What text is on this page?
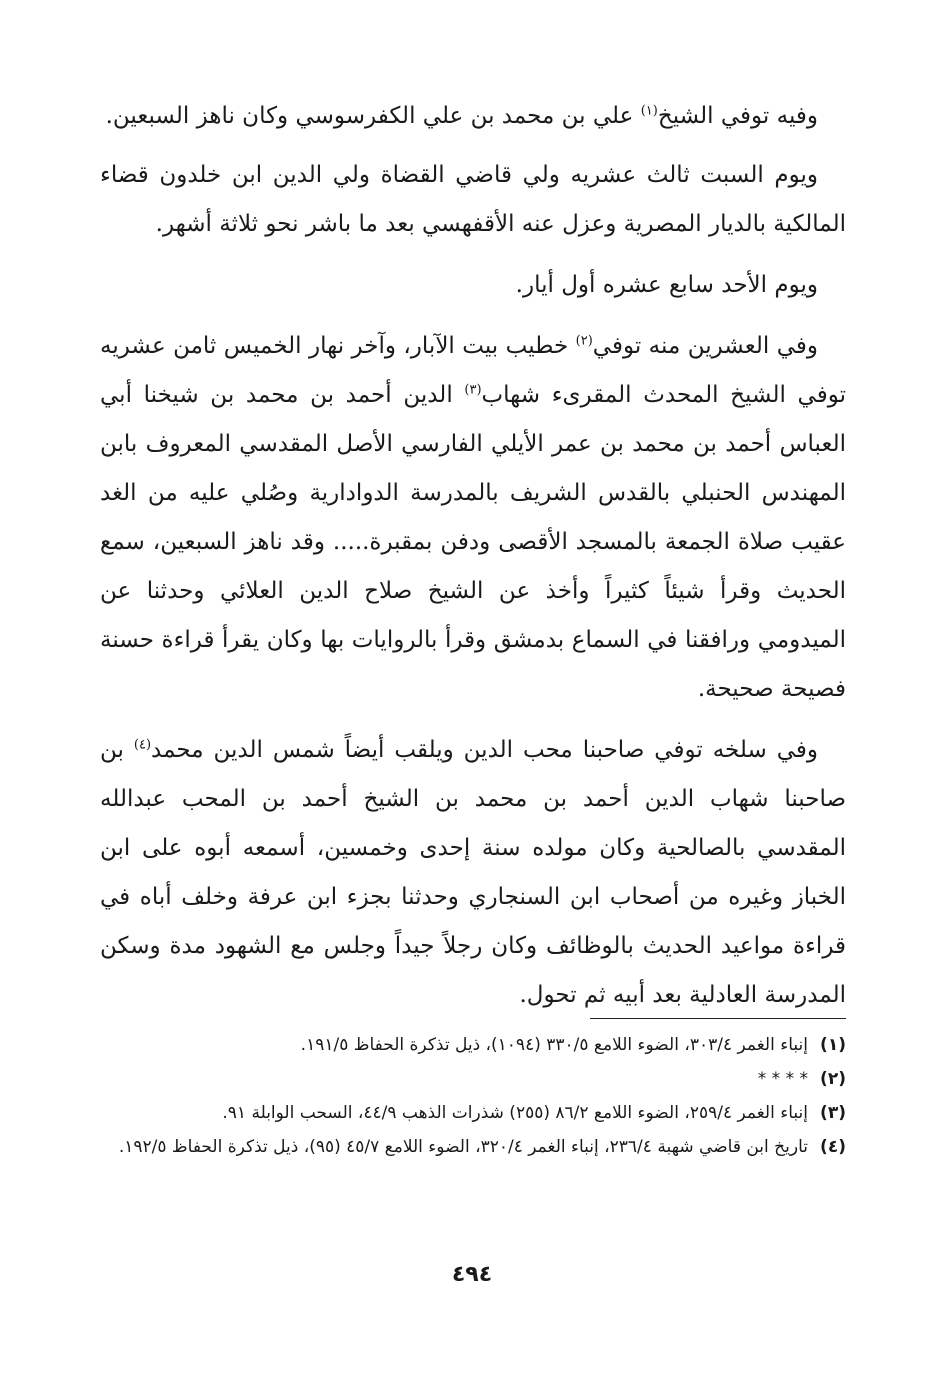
وفيه توفي الشيخ$^{(١)}$ علي بن محمد بن علي الكفرسوسي وكان ناهز السبعين.

ويوم السبت ثالث عشريه ولي قاضي القضاة ولي الدين ابن خلدون قضاء المالكية بالديار المصرية وعزل عنه الأقفهسي بعد ما باشر نحو ثلاثة أشهر.

ويوم الأحد سابع عشره أول أيار.

وفي العشرين منه توفي$^{(٢)}$ خطيب بيت الآبار، وآخر نهار الخميس ثامن عشريه توفي الشيخ المحدث المقرىء شهاب$^{(٣)}$ الدين أحمد بن محمد بن شيخنا أبي العباس أحمد بن محمد بن عمر الأيلي الفارسي الأصل المقدسي المعروف بابن المهندس الحنبلي بالقدس الشريف بالمدرسة الدوادارية وصُلي عليه من الغد عقيب صلاة الجمعة بالمسجد الأقصى ودفن بمقبرة..... وقد ناهز السبعين، سمع الحديث وقرأ شيئاً كثيراً وأخذ عن الشيخ صلاح الدين العلائي وحدثنا عن الميدومي ورافقنا في السماع بدمشق وقرأ بالروايات بها وكان يقرأ قراءة حسنة فصيحة صحيحة.

وفي سلخه توفي صاحبنا محب الدين ويلقب أيضاً شمس الدين محمد$^{(٤)}$ بن صاحبنا شهاب الدين أحمد بن محمد بن الشيخ أحمد بن المحب عبدالله المقدسي بالصالحية وكان مولده سنة إحدى وخمسين، أسمعه أبوه على ابن الخباز وغيره من أصحاب ابن السنجاري وحدثنا بجزء ابن عرفة وخلف أباه في قراءة مواعيد الحديث بالوظائف وكان رجلاً جيداً وجلس مع الشهود مدة وسكن المدرسة العادلية بعد أبيه ثم تحول.

(١)
إنباء الغمر ٣٠٣/٤، الضوء اللامع ٣٣٠/٥ (١٠٩٤)، ذيل تذكرة الحفاظ ١٩١/٥.
(٢)
* * * *
(٣)
إنباء الغمر ٢٥٩/٤، الضوء اللامع ٨٦/٢ (٢٥٥) شذرات الذهب ٤٤/٩، السحب الوابلة ٩١.
(٤)
تاريخ ابن قاضي شهبة ٢٣٦/٤، إنباء الغمر ٣٢٠/٤، الضوء اللامع ٤٥/٧ (٩٥)، ذيل تذكرة الحفاظ ١٩٢/٥.
٤٩٤
